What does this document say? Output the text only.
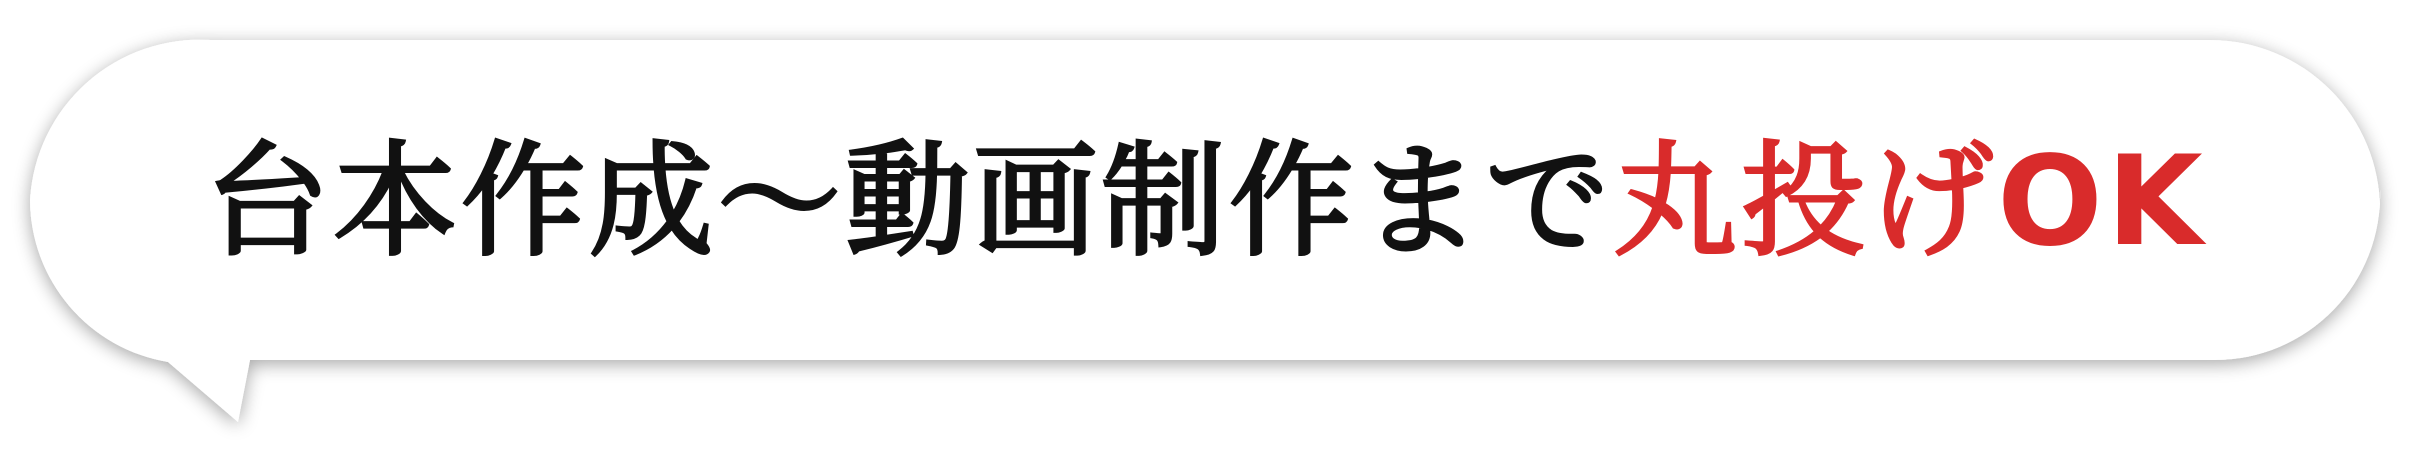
台本作成〜動画制作まで 丸投げOK
